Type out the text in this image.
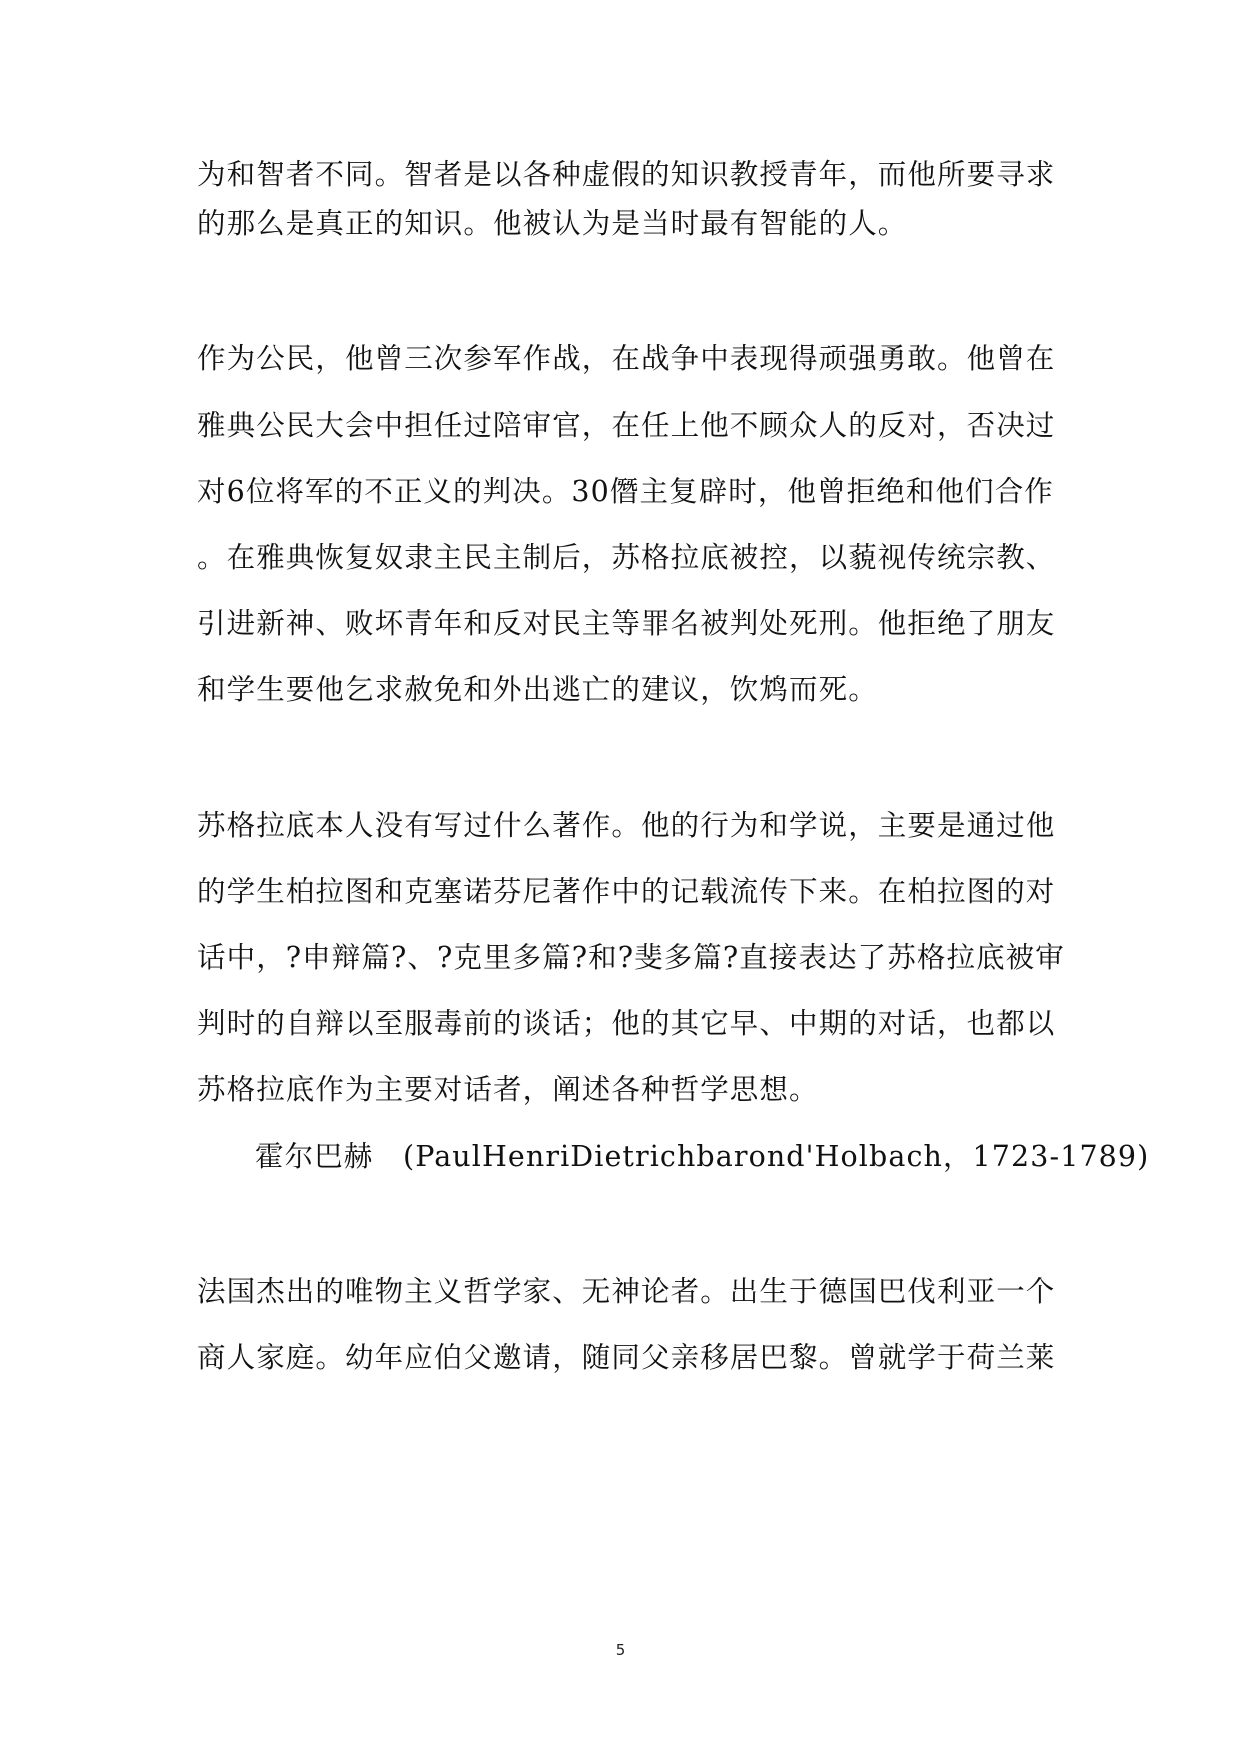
为和智者不同。智者是以各种虚假的知识教授青年，而他所要寻求
的那么是真正的知识。他被认为是当时最有智能的人。
作为公民，他曾三次参军作战，在战争中表现得顽强勇敢。他曾在
雅典公民大会中担任过陪审官，在任上他不顾众人的反对，否决过
对6位将军的不正义的判决。30僭主复辟时，他曾拒绝和他们合作
。在雅典恢复奴隶主民主制后，苏格拉底被控，以藐视传统宗教、
引进新神、败坏青年和反对民主等罪名被判处死刑。他拒绝了朋友
和学生要他乞求赦免和外出逃亡的建议，饮鸩而死。
苏格拉底本人没有写过什么著作。他的行为和学说，主要是通过他
的学生柏拉图和克塞诺芬尼著作中的记载流传下来。在柏拉图的对
话中，?申辩篇?、?克里多篇?和?斐多篇?直接表达了苏格拉底被审
判时的自辩以至服毒前的谈话；他的其它早、中期的对话，也都以
苏格拉底作为主要对话者，阐述各种哲学思想。
霍尔巴赫　(PaulHenriDietrichbarond'Holbach，1723-1789)
法国杰出的唯物主义哲学家、无神论者。出生于德国巴伐利亚一个
商人家庭。幼年应伯父邀请，随同父亲移居巴黎。曾就学于荷兰莱
5
